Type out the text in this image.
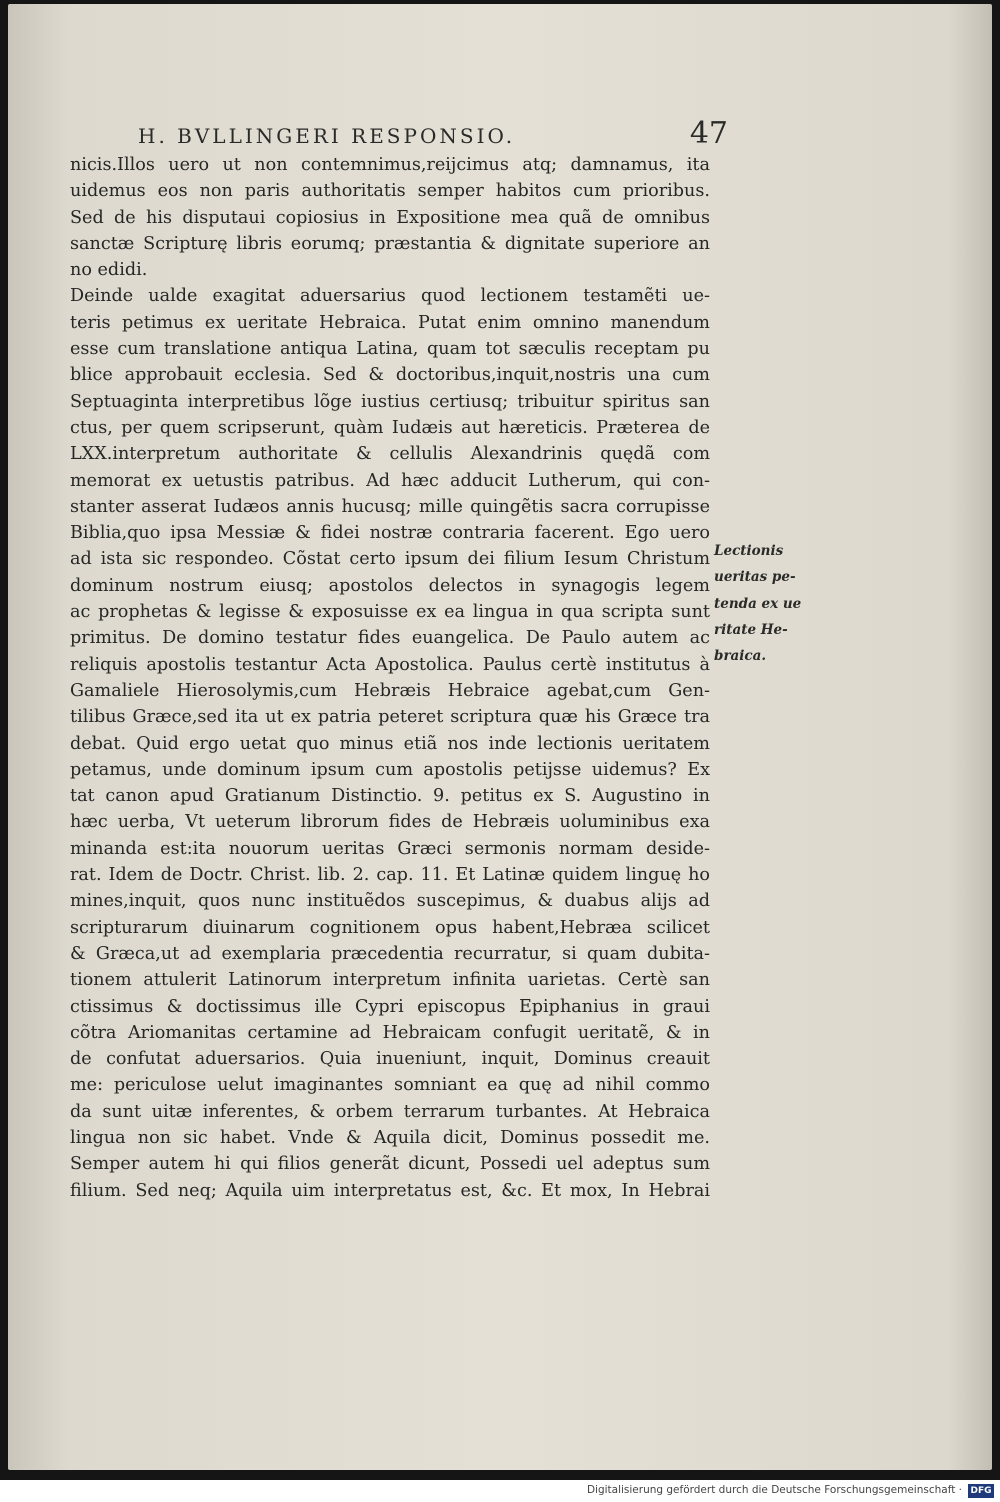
H. BVLLINGERI RESPONSIO.	47
nicis.Illos uero ut non contemnimus,reijcimus atq; damnamus, ita
uidemus eos non paris authoritatis semper habitos cum prioribus.
Sed de his disputaui copiosius in Expositione mea quã de omnibus
sanctæ Scripturę libris eorumq; præstantia & dignitate superiore an
no edidi.
Deinde ualde exagitat aduersarius quod lectionem testamẽti ue-
teris petimus ex ueritate Hebraica. Putat enim omnino manendum
esse cum translatione antiqua Latina, quam tot sæculis receptam pu
blice approbauit ecclesia. Sed & doctoribus,inquit,nostris una cum
Septuaginta interpretibus lõge iustius certiusq; tribuitur spiritus san
ctus, per quem scripserunt, quàm Iudæis aut hæreticis. Præterea de
LXX.interpretum authoritate & cellulis Alexandrinis quędã com
memorat ex uetustis patribus. Ad hæc adducit Lutherum, qui con-
stanter asserat Iudæos annis hucusq; mille quingẽtis sacra corrupisse
Biblia,quo ipsa Messiæ & fidei nostræ contraria facerent. Ego uero
ad ista sic respondeo. Cõstat certo ipsum dei filium Iesum Christum
dominum nostrum eiusq; apostolos delectos in synagogis legem
ac prophetas & legisse & exposuisse ex ea lingua in qua scripta sunt
primitus. De domino testatur fides euangelica. De Paulo autem ac
reliquis apostolis testantur Acta Apostolica. Paulus certè institutus à
Gamaliele Hierosolymis,cum Hebræis Hebraice agebat,cum Gen-
tilibus Græce,sed ita ut ex patria peteret scriptura quæ his Græce tra
debat. Quid ergo uetat quo minus etiã nos inde lectionis ueritatem
petamus, unde dominum ipsum cum apostolis petijsse uidemus? Ex
tat canon apud Gratianum Distinctio. 9. petitus ex S. Augustino in
hæc uerba, Vt ueterum librorum fides de Hebræis uoluminibus exa
minanda est:ita nouorum ueritas Græci sermonis normam deside-
rat. Idem de Doctr. Christ. lib. 2. cap. 11. Et Latinæ quidem linguę ho
mines,inquit, quos nunc instituẽdos suscepimus, & duabus alijs ad
scripturarum diuinarum cognitionem opus habent,Hebræa scilicet
& Græca,ut ad exemplaria præcedentia recurratur, si quam dubita-
tionem attulerit Latinorum interpretum infinita uarietas. Certè san
ctissimus & doctissimus ille Cypri episcopus Epiphanius in graui
cõtra Ariomanitas certamine ad Hebraicam confugit ueritatẽ, & in
de confutat aduersarios. Quia inueniunt, inquit, Dominus creauit
me: periculose uelut imaginantes somniant ea quę ad nihil commo
da sunt uitæ inferentes, & orbem terrarum turbantes. At Hebraica
lingua non sic habet. Vnde & Aquila dicit, Dominus possedit me.
Semper autem hi qui filios generãt dicunt, Possedi uel adeptus sum
filium. Sed neq; Aquila uim interpretatus est, &c. Et mox, In Hebrai
Lectionis
ueritas pe-
tenda ex ue
ritate He-
braica.
Digitalisierung gefördert durch die Deutsche Forschungsgemeinschaft · DFG
